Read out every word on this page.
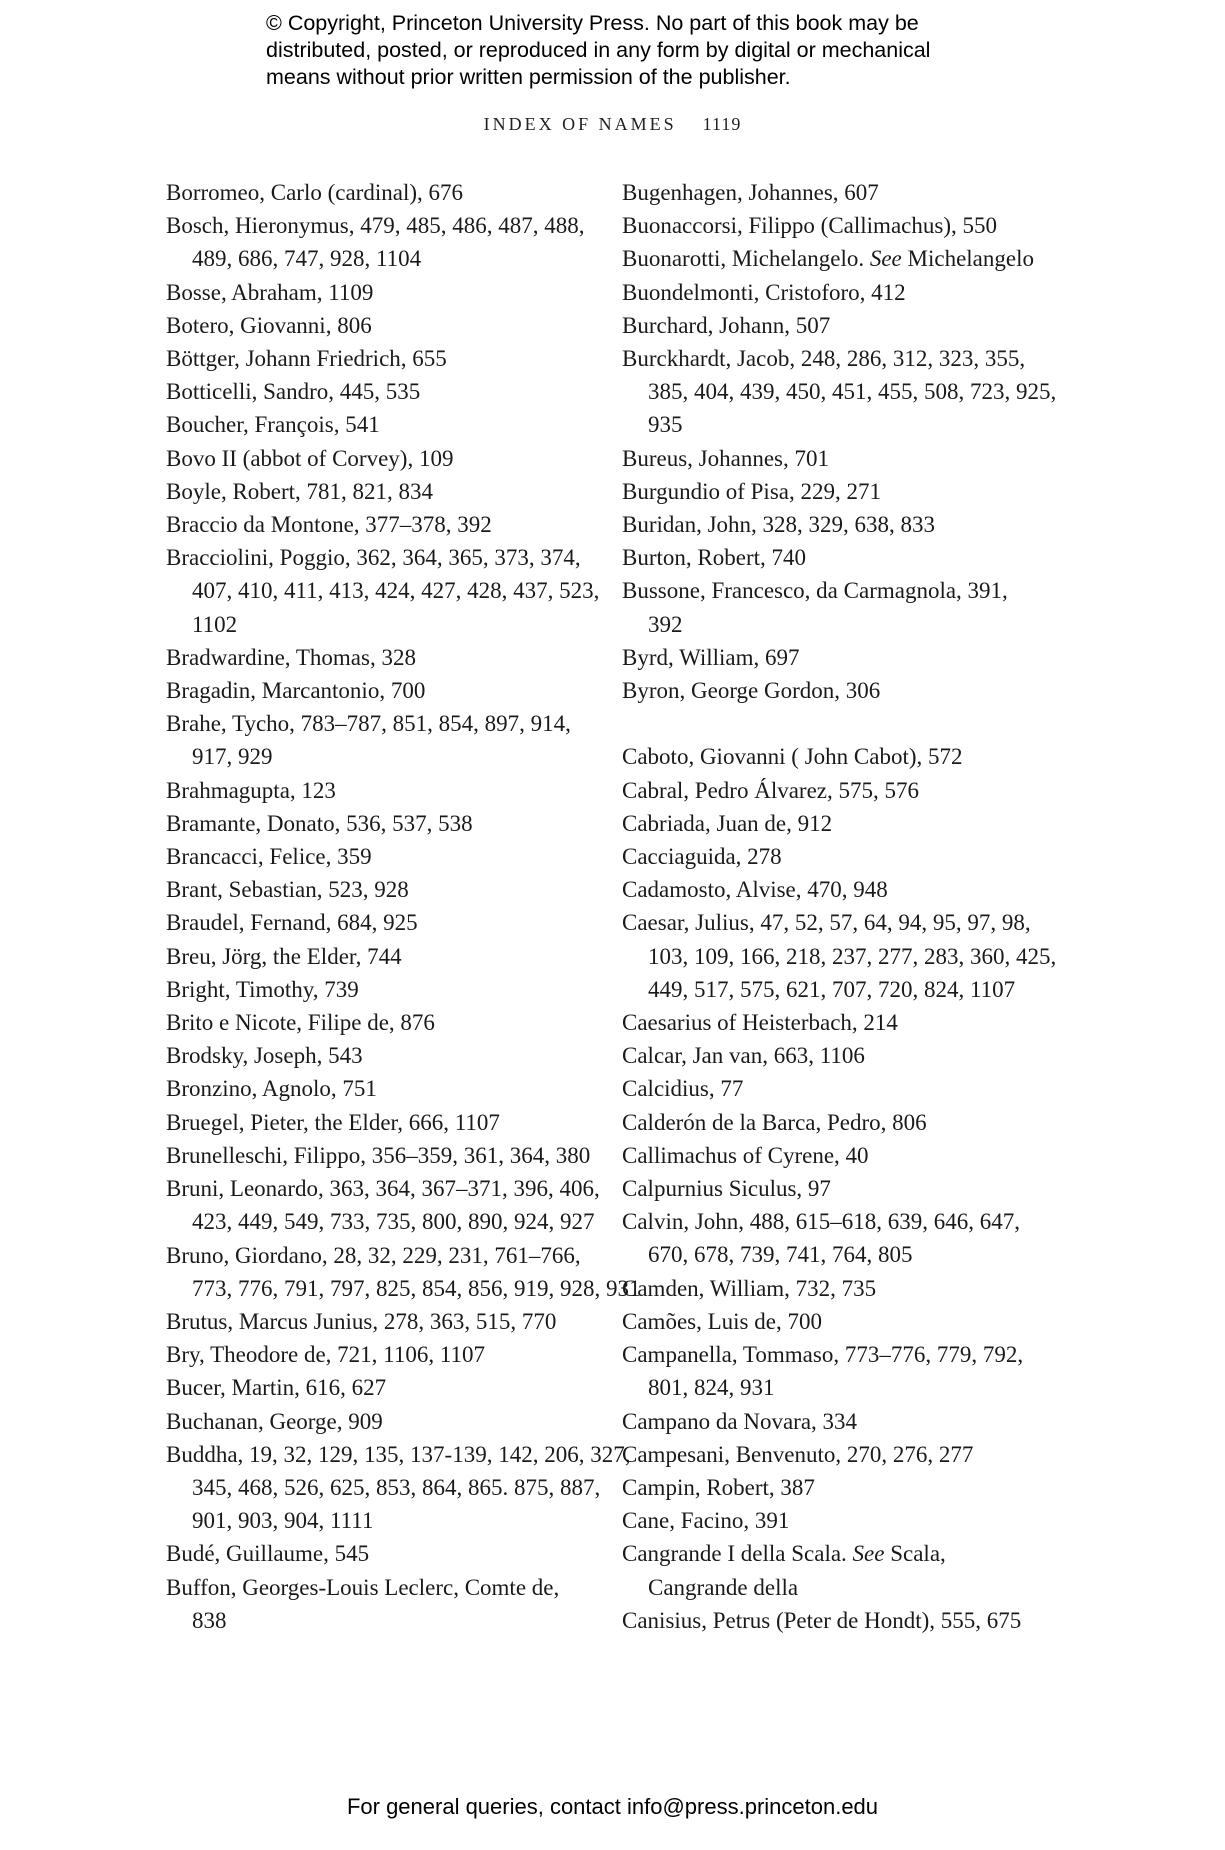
© Copyright, Princeton University Press. No part of this book may be
distributed, posted, or reproduced in any form by digital or mechanical
means without prior written permission of the publisher.
INDEX OF NAMES 1119
Borromeo, Carlo (cardinal), 676
Bosch, Hieronymus, 479, 485, 486, 487, 488,
489, 686, 747, 928, 1104
Bosse, Abraham, 1109
Botero, Giovanni, 806
Böttger, Johann Friedrich, 655
Botticelli, Sandro, 445, 535
Boucher, François, 541
Bovo II (abbot of Corvey), 109
Boyle, Robert, 781, 821, 834
Braccio da Montone, 377–378, 392
Bracciolini, Poggio, 362, 364, 365, 373, 374,
407, 410, 411, 413, 424, 427, 428, 437, 523,
1102
Bradwardine, Thomas, 328
Bragadin, Marcantonio, 700
Brahe, Tycho, 783–787, 851, 854, 897, 914,
917, 929
Brahmagupta, 123
Bramante, Donato, 536, 537, 538
Brancacci, Felice, 359
Brant, Sebastian, 523, 928
Braudel, Fernand, 684, 925
Breu, Jörg, the Elder, 744
Bright, Timothy, 739
Brito e Nicote, Filipe de, 876
Brodsky, Joseph, 543
Bronzino, Agnolo, 751
Bruegel, Pieter, the Elder, 666, 1107
Brunelleschi, Filippo, 356–359, 361, 364, 380
Bruni, Leonardo, 363, 364, 367–371, 396, 406,
423, 449, 549, 733, 735, 800, 890, 924, 927
Bruno, Giordano, 28, 32, 229, 231, 761–766,
773, 776, 791, 797, 825, 854, 856, 919, 928, 931
Brutus, Marcus Junius, 278, 363, 515, 770
Bry, Theodore de, 721, 1106, 1107
Bucer, Martin, 616, 627
Buchanan, George, 909
Buddha, 19, 32, 129, 135, 137-139, 142, 206, 327,
345, 468, 526, 625, 853, 864, 865. 875, 887,
901, 903, 904, 1111
Budé, Guillaume, 545
Buffon, Georges-Louis Leclerc, Comte de,
838
Bugenhagen, Johannes, 607
Buonaccorsi, Filippo (Callimachus), 550
Buonarotti, Michelangelo. See Michelangelo
Buondelmonti, Cristoforo, 412
Burchard, Johann, 507
Burckhardt, Jacob, 248, 286, 312, 323, 355,
385, 404, 439, 450, 451, 455, 508, 723, 925,
935
Bureus, Johannes, 701
Burgundio of Pisa, 229, 271
Buridan, John, 328, 329, 638, 833
Burton, Robert, 740
Bussone, Francesco, da Carmagnola, 391,
392
Byrd, William, 697
Byron, George Gordon, 306
Caboto, Giovanni ( John Cabot), 572
Cabral, Pedro Álvarez, 575, 576
Cabriada, Juan de, 912
Cacciaguida, 278
Cadamosto, Alvise, 470, 948
Caesar, Julius, 47, 52, 57, 64, 94, 95, 97, 98,
103, 109, 166, 218, 237, 277, 283, 360, 425,
449, 517, 575, 621, 707, 720, 824, 1107
Caesarius of Heisterbach, 214
Calcar, Jan van, 663, 1106
Calcidius, 77
Calderón de la Barca, Pedro, 806
Callimachus of Cyrene, 40
Calpurnius Siculus, 97
Calvin, John, 488, 615–618, 639, 646, 647,
670, 678, 739, 741, 764, 805
Camden, William, 732, 735
Camões, Luis de, 700
Campanella, Tommaso, 773–776, 779, 792,
801, 824, 931
Campano da Novara, 334
Campesani, Benvenuto, 270, 276, 277
Campin, Robert, 387
Cane, Facino, 391
Cangrande I della Scala. See Scala,
Cangrande della
Canisius, Petrus (Peter de Hondt), 555, 675
For general queries, contact info@press.princeton.edu
